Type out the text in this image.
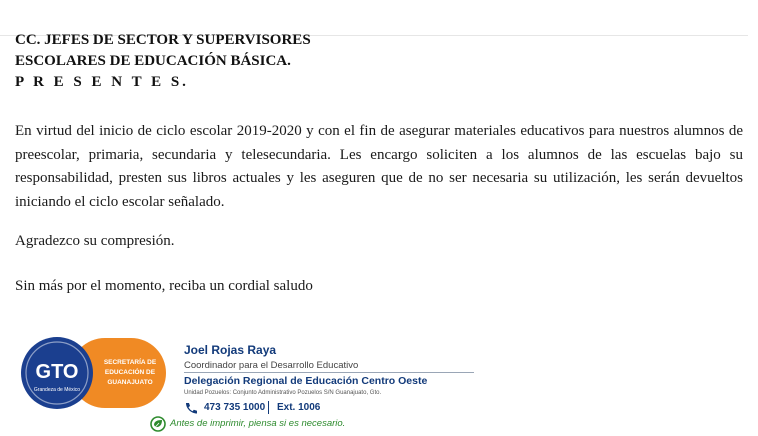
CC. JEFES DE SECTOR Y SUPERVISORES
ESCOLARES DE EDUCACIÓN BÁSICA.
P R E S E N T E S.

En virtud del inicio de ciclo escolar 2019-2020 y con el fin de asegurar materiales educativos para nuestros alumnos de preescolar, primaria, secundaria y telesecundaria. Les encargo soliciten a los alumnos de las escuelas bajo su responsabilidad, presten sus libros actuales y les aseguren que de no ser necesaria su utilización, les serán devueltos iniciando el ciclo escolar señalado.

Agradezco su compresión.

Sin más por el momento, reciba un cordial saludo

GTO
Grandeza de México
SECRETARÍA DE
EDUCACIÓN DE
GUANAJUATO
Joel Rojas Raya
Coordinador para el Desarrollo Educativo
Delegación Regional de Educación Centro Oeste
Unidad Pozuelos: Conjunto Administrativo Pozuelos S/N Guanajuato, Gto.
473 735 1000 Ext. 1006
Antes de imprimir, piensa si es necesario.
